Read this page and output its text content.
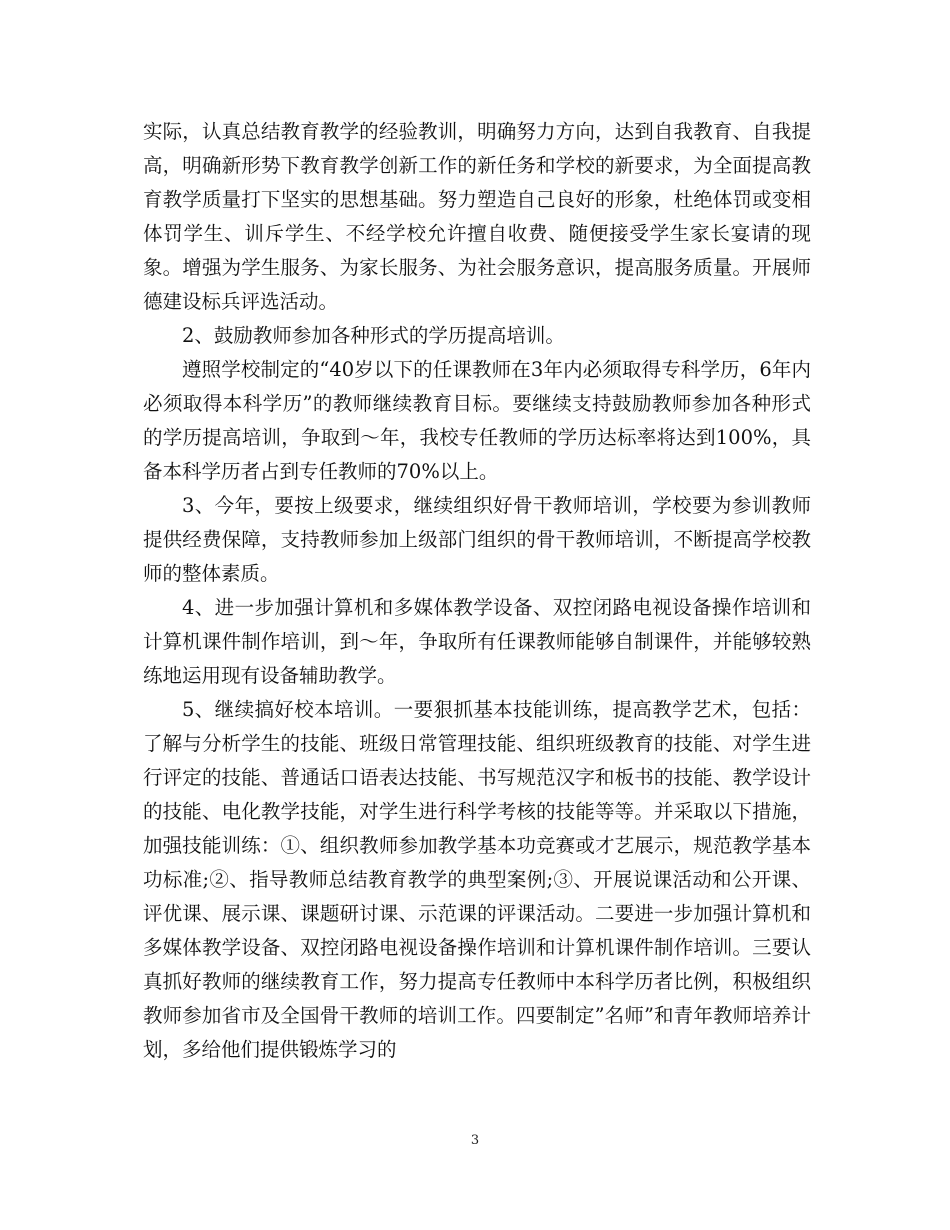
实际，认真总结教育教学的经验教训，明确努力方向，达到自我教育、自我提高，明确新形势下教育教学创新工作的新任务和学校的新要求，为全面提高教育教学质量打下坚实的思想基础。努力塑造自己良好的形象，杜绝体罚或变相体罚学生、训斥学生、不经学校允许擅自收费、随便接受学生家长宴请的现象。增强为学生服务、为家长服务、为社会服务意识，提高服务质量。开展师德建设标兵评选活动。

2、鼓励教师参加各种形式的学历提高培训。

遵照学校制定的“40岁以下的任课教师在3年内必须取得专科学历，6年内必须取得本科学历”的教师继续教育目标。要继续支持鼓励教师参加各种形式的学历提高培训，争取到～年，我校专任教师的学历达标率将达到100%，具备本科学历者占到专任教师的70%以上。

3、今年，要按上级要求，继续组织好骨干教师培训，学校要为参训教师提供经费保障，支持教师参加上级部门组织的骨干教师培训，不断提高学校教师的整体素质。

4、进一步加强计算机和多媒体教学设备、双控闭路电视设备操作培训和计算机课件制作培训，到～年，争取所有任课教师能够自制课件，并能够较熟练地运用现有设备辅助教学。

5、继续搞好校本培训。一要狠抓基本技能训练，提高教学艺术，包括：了解与分析学生的技能、班级日常管理技能、组织班级教育的技能、对学生进行评定的技能、普通话口语表达技能、书写规范汉字和板书的技能、教学设计的技能、电化教学技能，对学生进行科学考核的技能等等。并采取以下措施，加强技能训练：①、组织教师参加教学基本功竞赛或才艺展示，规范教学基本功标准;②、指导教师总结教育教学的典型案例;③、开展说课活动和公开课、评优课、展示课、课题研讨课、示范课的评课活动。二要进一步加强计算机和多媒体教学设备、双控闭路电视设备操作培训和计算机课件制作培训。三要认真抓好教师的继续教育工作，努力提高专任教师中本科学历者比例，积极组织教师参加省市及全国骨干教师的培训工作。四要制定”名师”和青年教师培养计划，多给他们提供锻炼学习的

3
